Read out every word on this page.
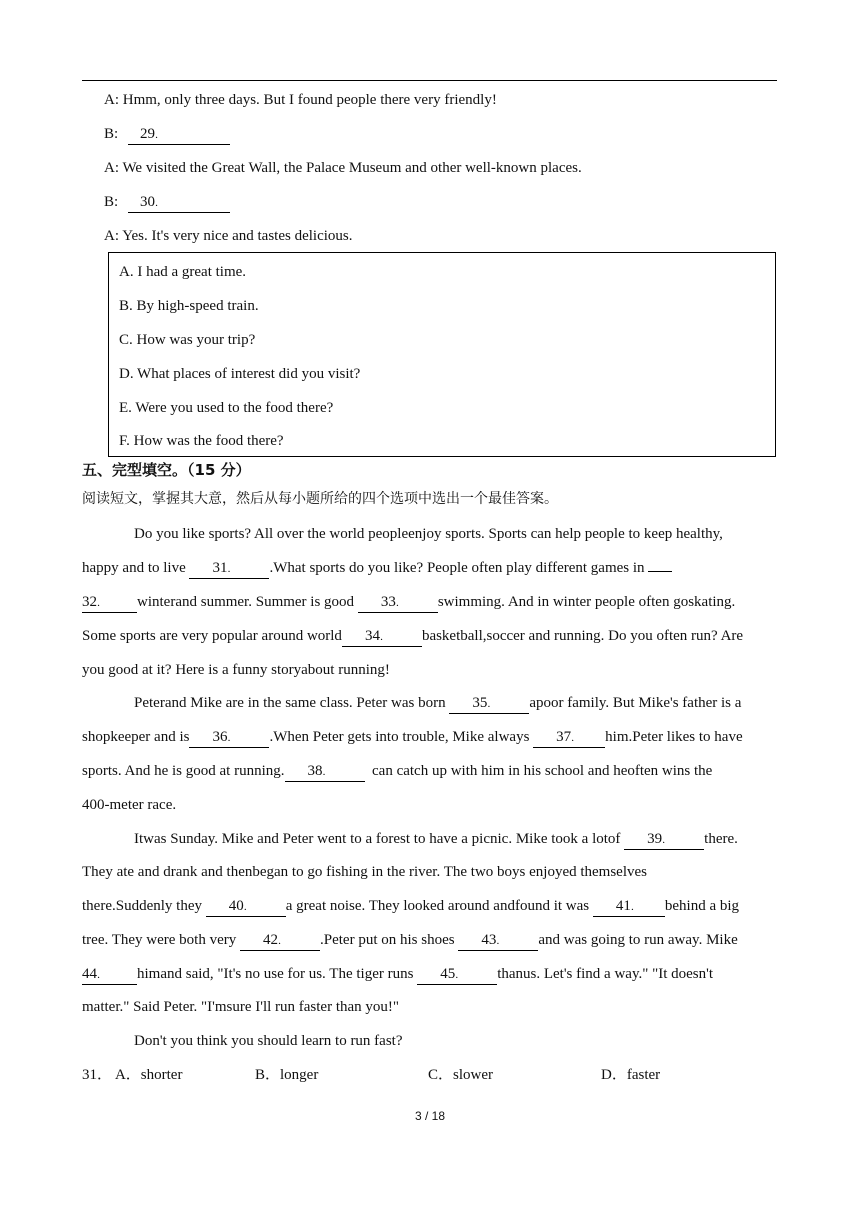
A: Hmm, only three days. But I found people there very friendly!
B: 29．
A: We visited the Great Wall, the Palace Museum and other well-known places.
B: 30．
A: Yes. It's very nice and tastes delicious.
A. I had a great time.
B. By high-speed train.
C. How was your trip?
D. What places of interest did you visit?
E. Were you used to the food there?
F. How was the food there?
五、完型填空。（15 分）
阅读短文，掌握其大意，然后从每小题所给的四个选项中选出一个最佳答案。
Do you like sports? All over the world peopleenjoy sports. Sports can help people to keep healthy,
happy and to live 31． .What sports do you like? People often play different games in
32． winterand summer. Summer is good 33． swimming. And in winter people often goskating.
Some sports are very popular around world 34． basketball,soccer and running. Do you often run? Are
you good at it? Here is a funny storyabout running!
Peterand Mike are in the same class. Peter was born 35． apoor family. But Mike's father is a
shopkeeper and is 36． .When Peter gets into trouble, Mike always 37． him.Peter likes to have
sports. And he is good at running. 38．	can catch up with him in his school and heoften wins the
400-meter race.
Itwas Sunday. Mike and Peter went to a forest to have a picnic. Mike took a lotof 39． there.
They ate and drank and thenbegan to go fishing in the river. The two boys enjoyed themselves
there.Suddenly they 40． a great noise. They looked around andfound it was 41． behind a big
tree. They were both very 42． .Peter put on his shoes 43． and was going to run away. Mike
44． himand said, "It's no use for us. The tiger runs 45． thanus. Let's find a way." "It doesn't
matter." Said Peter. "I'msure I'll run faster than you!"
Don't you think you should learn to run fast?
31． A．shorter	B．longer	C．slower	D．faster
3 / 18
